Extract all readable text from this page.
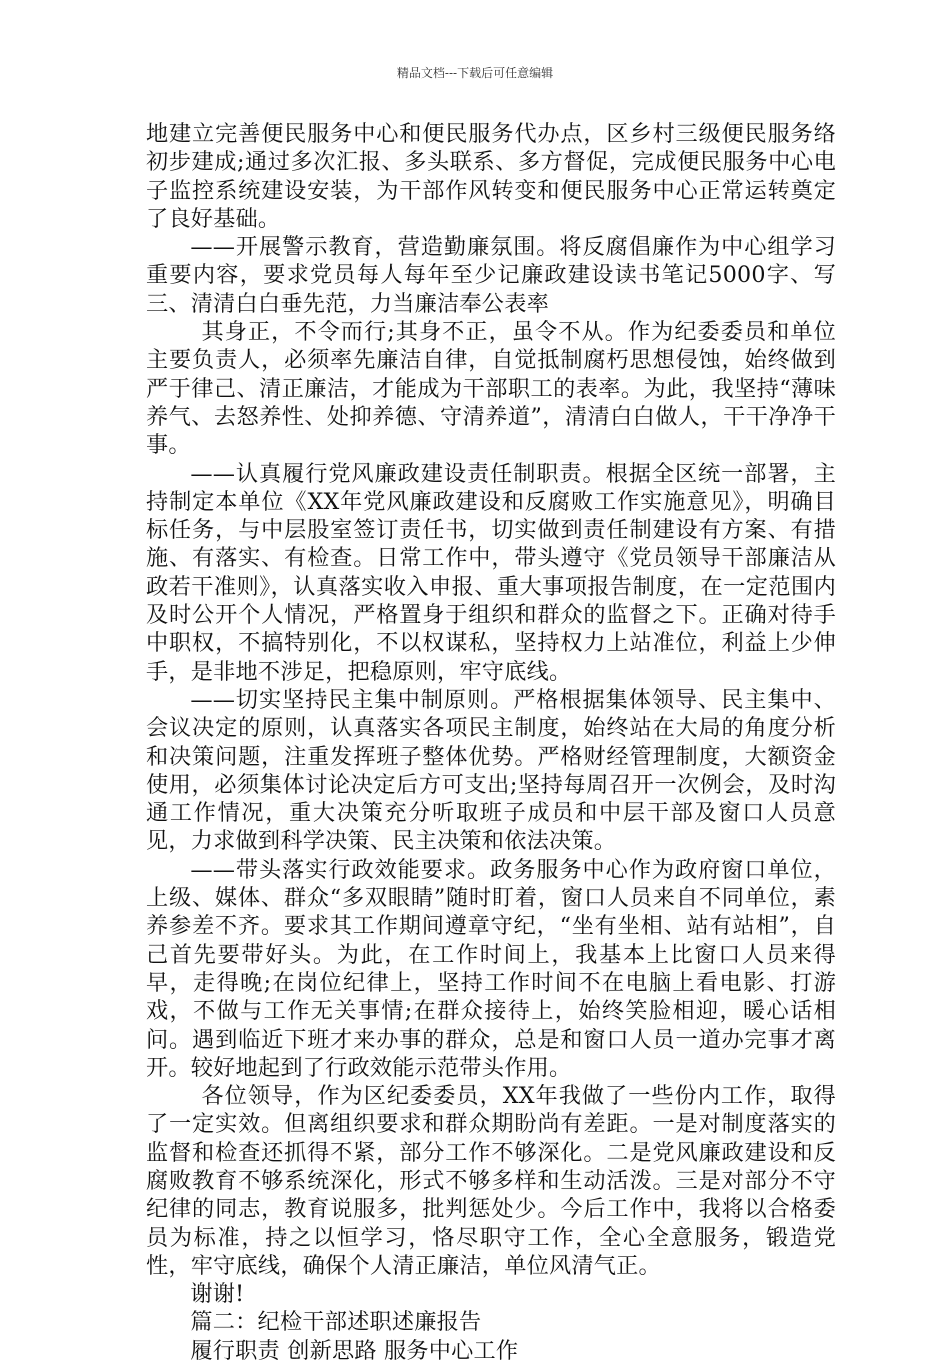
精品文档---下载后可任意编辑

地建立完善便民服务中心和便民服务代办点，区乡村三级便民服务络初步建成;通过多次汇报、多头联系、多方督促，完成便民服务中心电子监控系统建设安装，为干部作风转变和便民服务中心正常运转奠定了良好基础。

——开展警示教育，营造勤廉氛围。将反腐倡廉作为中心组学习重要内容，要求党员每人每年至少记廉政建设读书笔记5000字、写三、清清白白垂先范，力当廉洁奉公表率

其身正，不令而行;其身不正，虽令不从。作为纪委委员和单位主要负责人，必须率先廉洁自律，自觉抵制腐朽思想侵蚀，始终做到严于律己、清正廉洁，才能成为干部职工的表率。为此，我坚持“薄味养气、去怒养性、处抑养德、守清养道”，清清白白做人，干干净净干事。

——认真履行党风廉政建设责任制职责。根据全区统一部署，主持制定本单位《XX年党风廉政建设和反腐败工作实施意见》，明确目标任务，与中层股室签订责任书，切实做到责任制建设有方案、有措施、有落实、有检查。日常工作中，带头遵守《党员领导干部廉洁从政若干准则》，认真落实收入申报、重大事项报告制度，在一定范围内及时公开个人情况，严格置身于组织和群众的监督之下。正确对待手中职权，不搞特别化，不以权谋私，坚持权力上站准位，利益上少伸手，是非地不涉足，把稳原则，牢守底线。

——切实坚持民主集中制原则。严格根据集体领导、民主集中、会议决定的原则，认真落实各项民主制度，始终站在大局的角度分析和决策问题，注重发挥班子整体优势。严格财经管理制度，大额资金使用，必须集体讨论决定后方可支出;坚持每周召开一次例会，及时沟通工作情况，重大决策充分听取班子成员和中层干部及窗口人员意见，力求做到科学决策、民主决策和依法决策。

——带头落实行政效能要求。政务服务中心作为政府窗口单位，上级、媒体、群众“多双眼睛”随时盯着，窗口人员来自不同单位，素养参差不齐。要求其工作期间遵章守纪，“坐有坐相、站有站相”，自己首先要带好头。为此，在工作时间上，我基本上比窗口人员来得早，走得晚;在岗位纪律上，坚持工作时间不在电脑上看电影、打游戏，不做与工作无关事情;在群众接待上，始终笑脸相迎，暖心话相问。遇到临近下班才来办事的群众，总是和窗口人员一道办完事才离开。较好地起到了行政效能示范带头作用。

各位领导，作为区纪委委员，XX年我做了一些份内工作，取得了一定实效。但离组织要求和群众期盼尚有差距。一是对制度落实的监督和检查还抓得不紧，部分工作不够深化。二是党风廉政建设和反腐败教育不够系统深化，形式不够多样和生动活泼。三是对部分不守纪律的同志，教育说服多，批判惩处少。今后工作中，我将以合格委员为标准，持之以恒学习，恪尽职守工作，全心全意服务，锻造党性，牢守底线，确保个人清正廉洁，单位风清气正。

谢谢!

篇二：纪检干部述职述廉报告

履行职责 创新思路 服务中心工作
